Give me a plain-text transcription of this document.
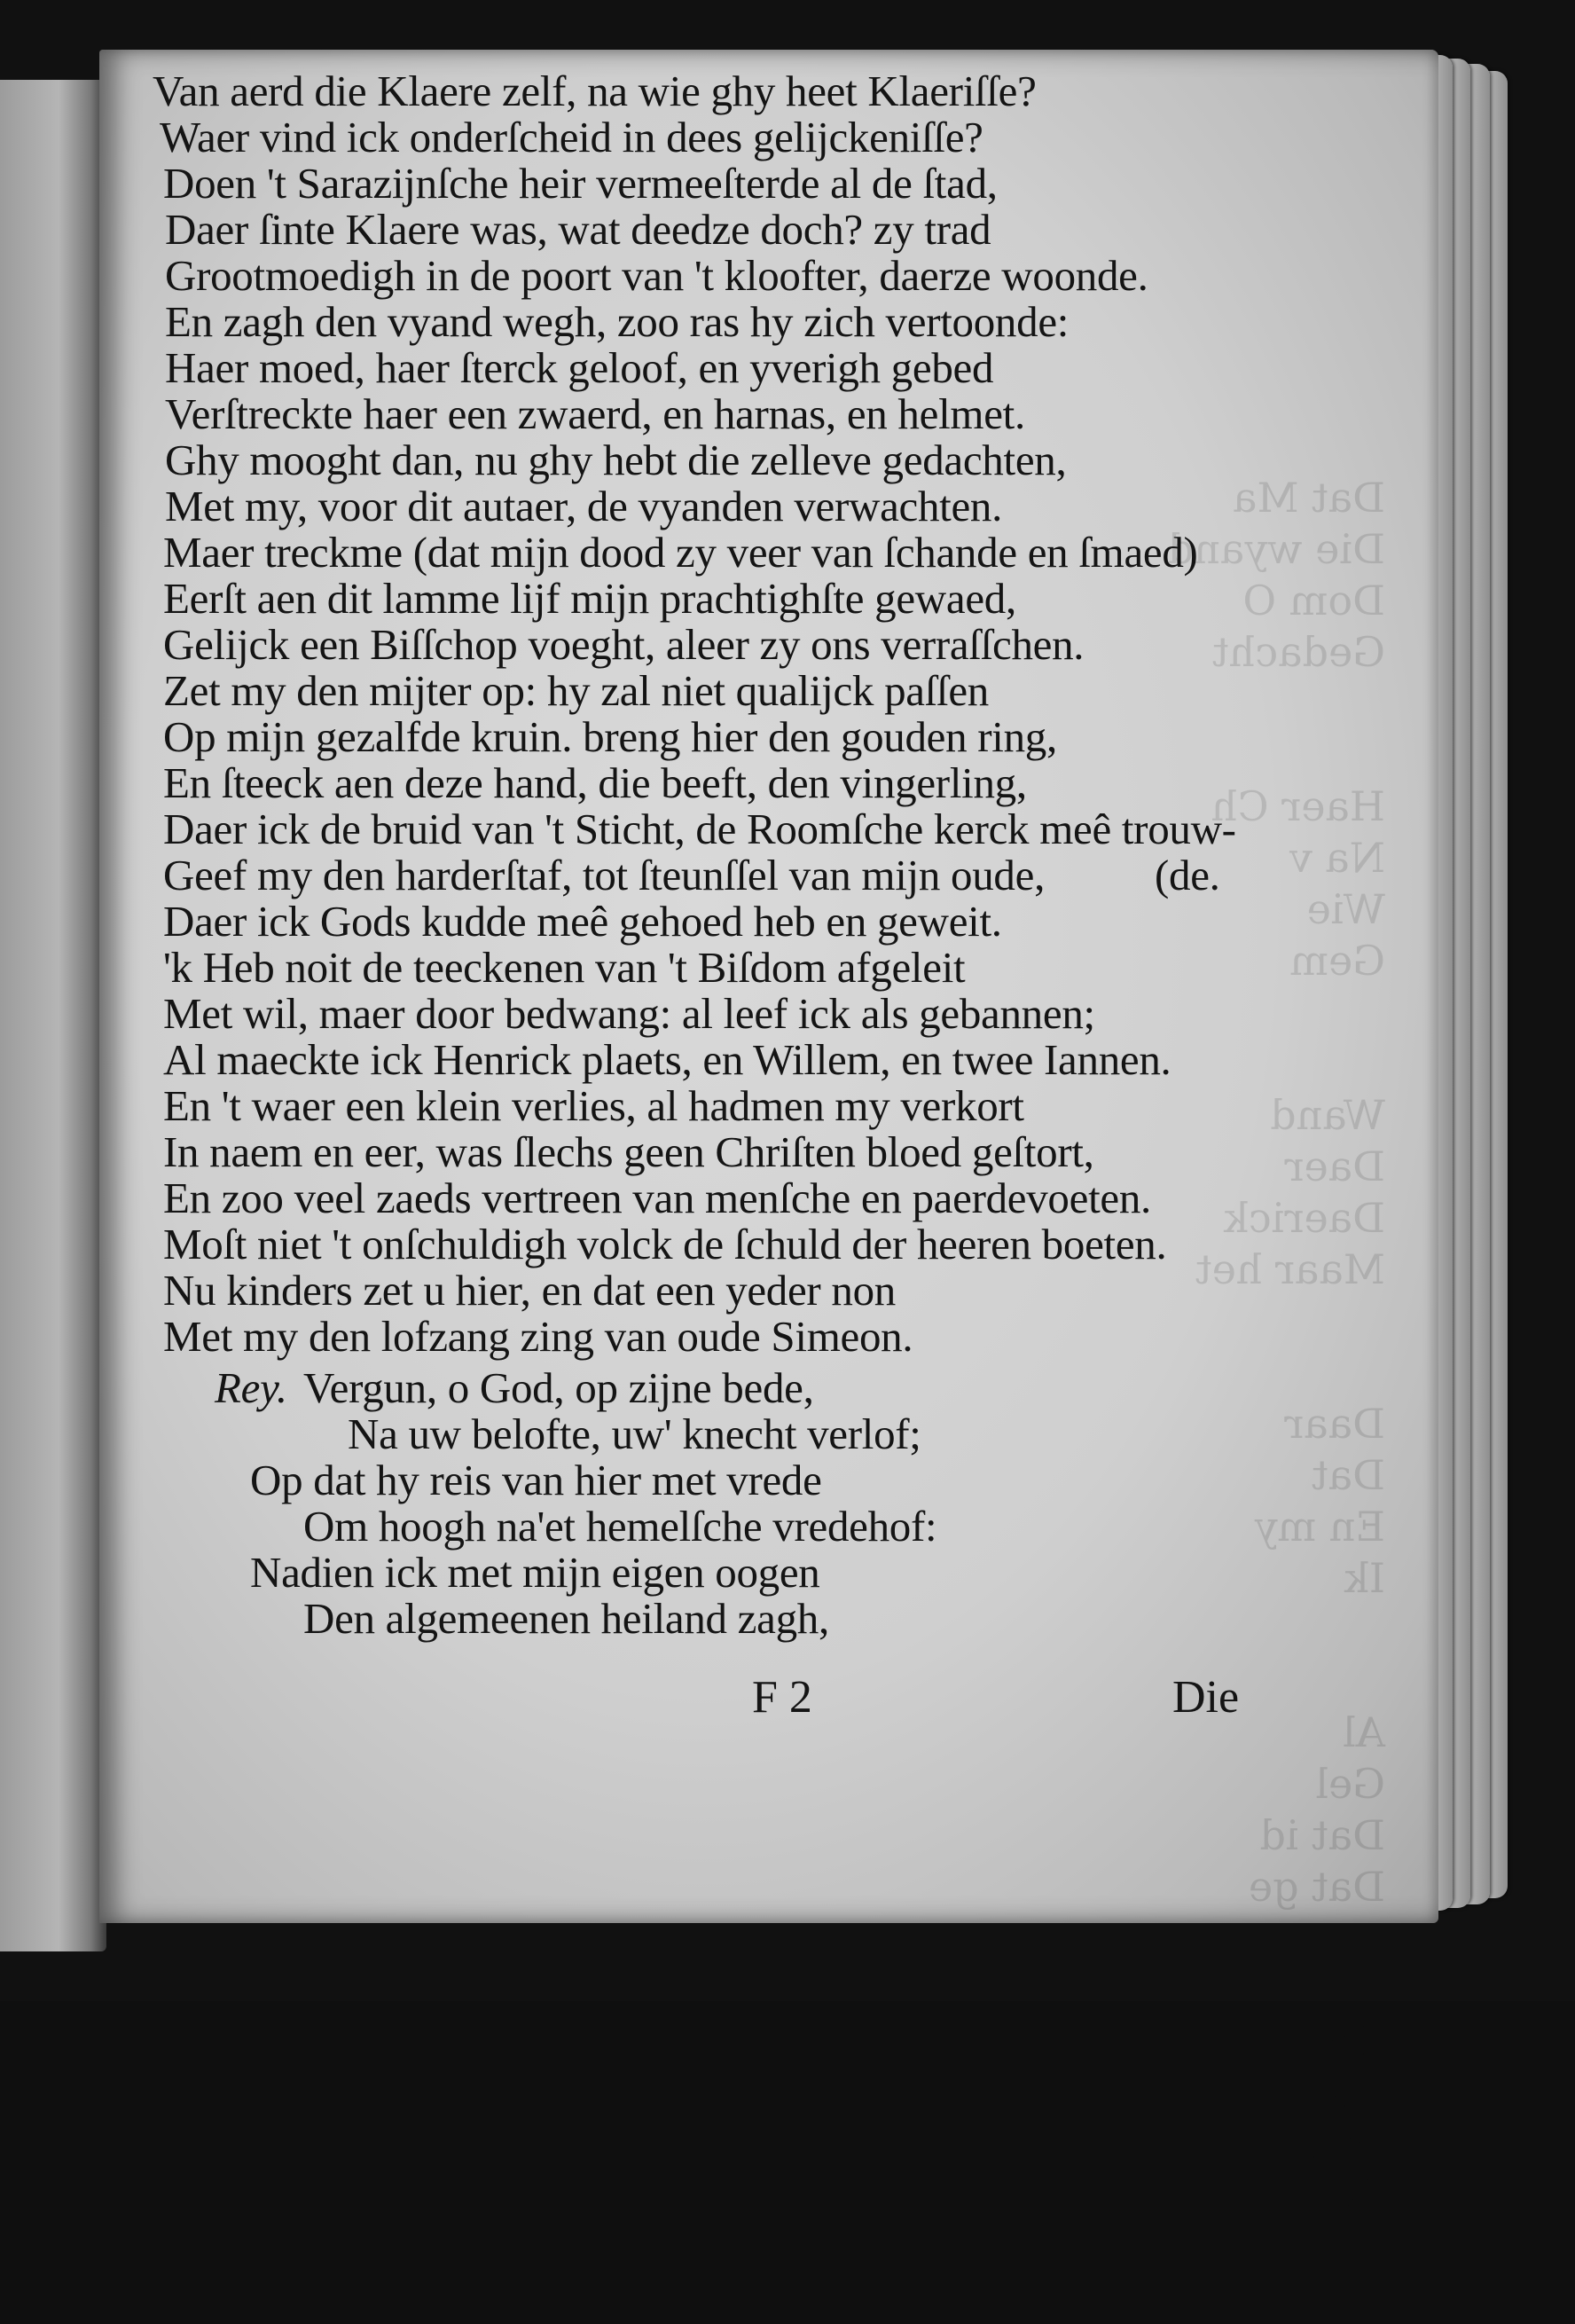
Dat Ma
Die wyand
Dom O
Gedacht

Haer Ch
Na v
Wie
Gem

Wand
Daer
Daerick
Maar het

Daar
Dat
En my
Ik

Al
Gel
Dat id
Dat ge

Het
Ick
Om
Ik

Van aerd die Klaere zelf, na wie ghy heet Klaeriſſe?
Waer vind ick onderſcheid in dees gelijckeniſſe?
Doen 't Sarazijnſche heir vermeeſterde al de ſtad,
Daer ſinte Klaere was, wat deedze doch? zy trad
Grootmoedigh in de poort van 't kloofter, daerze woonde.
En zagh den vyand wegh, zoo ras hy zich vertoonde:
Haer moed, haer ſterck geloof, en yverigh gebed
Verſtreckte haer een zwaerd, en harnas, en helmet.
Ghy mooght dan, nu ghy hebt die zelleve gedachten,
Met my, voor dit autaer, de vyanden verwachten.
Maer treckme (dat mijn dood zy veer van ſchande en ſmaed)
Eerſt aen dit lamme lijf mijn prachtighſte gewaed,
Gelijck een Biſſchop voeght, aleer zy ons verraſſchen.
Zet my den mijter op: hy zal niet qualijck paſſen
Op mijn gezalfde kruin. breng hier den gouden ring,
En ſteeck aen deze hand, die beeft, den vingerling,
Daer ick de bruid van 't Sticht, de Roomſche kerck meê trouw-
Geef my den harderſtaf, tot ſteunſſel van mijn oude,	(de.
Daer ick Gods kudde meê gehoed heb en geweit.
'k Heb noit de teeckenen van 't Biſdom afgeleit
Met wil, maer door bedwang: al leef ick als gebannen;
Al maeckte ick Henrick plaets, en Willem, en twee Iannen.
En 't waer een klein verlies, al hadmen my verkort
In naem en eer, was ſlechs geen Chriſten bloed geſtort,
En zoo veel zaeds vertreen van menſche en paerdevoeten.
Moſt niet 't onſchuldigh volck de ſchuld der heeren boeten.
Nu kinders zet u hier, en dat een yeder non
Met my den lofzang zing van oude Simeon.
Rey. Vergun, o God, op zijne bede,
Na uw belofte, uw' knecht verlof;
Op dat hy reis van hier met vrede
Om hoogh na'et hemelſche vredehof:
Nadien ick met mijn eigen oogen
Den algemeenen heiland zagh,
F 2	Die
